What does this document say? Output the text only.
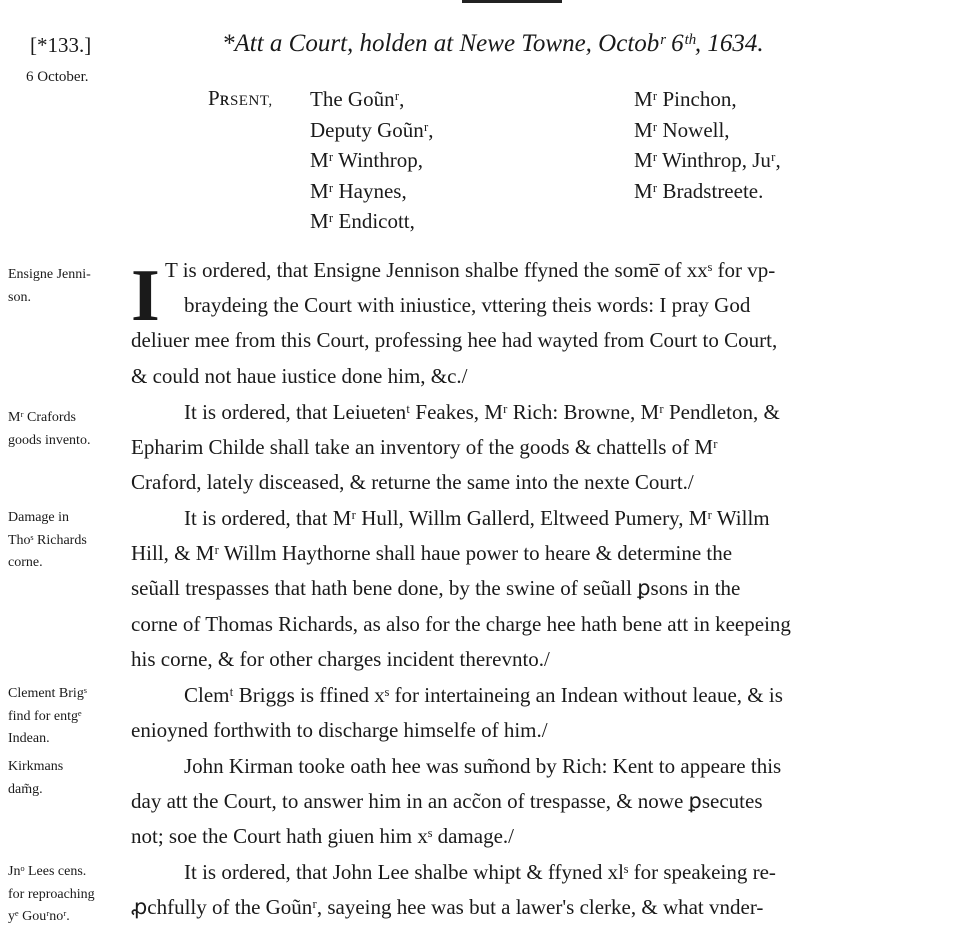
[*133.]
6 October.
*Att a Court, holden at Newe Towne, Octobʳ 6ᵗʰ, 1634.
PʀSENT, The Goũnʳ,
Deputy Goũnʳ,
Mʳ Winthrop,
Mʳ Haynes,
Mʳ Endicott,
Mʳ Pinchon,
Mʳ Nowell,
Mʳ Winthrop, Juʳ,
Mʳ Bradstreete.
Ensigne Jenni-
son.	I T is ordered, that Ensigne Jennison shalbe ffyned the some̅ of xxˢ for vp-
braydeing the Court with iniustice, vttering theis words: I pray God
deliuer mee from this Court, professing hee had wayted from Court to Court,
& could not haue iustice done him, &c./
Mʳ Crafords
goods invento.
It is ordered, that Leiuetenᵗ Feakes, Mʳ Rich: Browne, Mʳ Pendleton, &
Epharim Childe shall take an inventory of the goods & chattells of Mʳ
Craford, lately disceased, & returne the same into the nexte Court./
Damage in
Thoˢ Richards
corne.
It is ordered, that Mʳ Hull, Willm Gallerd, Eltweed Pumery, Mʳ Willm
Hill, & Mʳ Willm Haythorne shall haue power to heare & determine the
seũall trespasses that hath bene done, by the swine of seũall ꝑsons in the
corne of Thomas Richards, as also for the charge hee hath bene att in keepeing
his corne, & for other charges incident therevnto./
Clement Brigˢ
find for entgᵉ
Indean.
Clemᵗ Briggs is ffined xˢ for intertaineing an Indean without leaue, & is
enioyned forthwith to discharge himselfe of him./
Kirkmans
dam̃g.
John Kirman tooke oath hee was sum̃ond by Rich: Kent to appeare this
day att the Court, to answer him in an acc̃on of trespasse, & nowe ꝑsecutes
not; soe the Court hath giuen him xˢ damage./
Jnᵒ Lees cens.
for reproaching
yᵉ Gouʳnoʳ.
It is ordered, that John Lee shalbe whipt & ffyned xlˢ for speakeing re-
ꝓchfully of the Goũnʳ, sayeing hee was but a lawer's clerke, & what vnder-
